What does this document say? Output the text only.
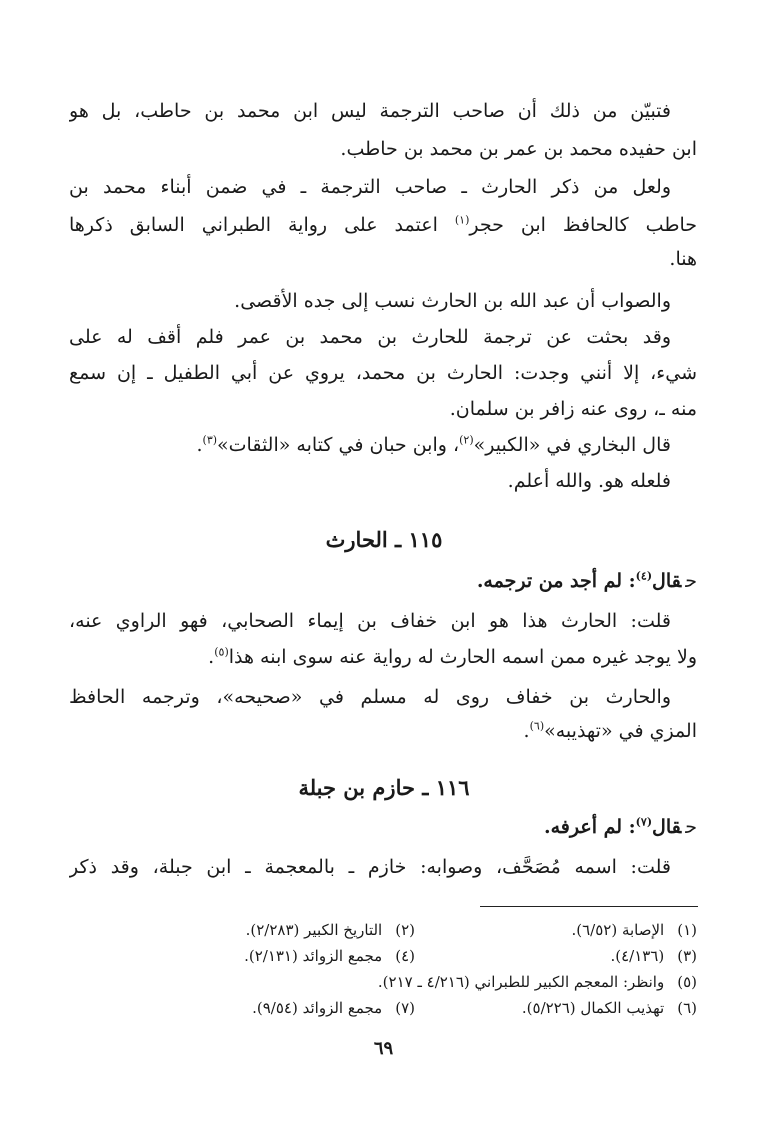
فتبيّن من ذلك أن صاحب الترجمة ليس ابن محمد بن حاطب، بل هو

ابن حفيده محمد بن عمر بن محمد بن حاطب.

ولعل من ذكر الحارث ـ صاحب الترجمة ـ في ضمن أبناء محمد بن

حاطب كالحافظ ابن حجر$^{(١)}$ اعتمد على رواية الطبراني السابق ذكرها

هنا.

والصواب أن عبد الله بن الحارث نسب إلى جده الأقصى.

وقد بحثت عن ترجمة للحارث بن محمد بن عمر فلم أقف له على

شيء، إلا أنني وجدت: الحارث بن محمد، يروي عن أبي الطفيل ـ إن سمع

منه ـ، روى عنه زافر بن سلمان.

قال البخاري في «الكبير»$^{(٢)}$، وابن حبان في كتابه «الثقات»$^{(٣)}$.

فلعله هو. والله أعلم.

١١٥ ـ الحارث

حقال$^{(٤)}$: لم أجد من ترجمه.

قلت: الحارث هذا هو ابن خفاف بن إيماء الصحابي، فهو الراوي عنه،

ولا يوجد غيره ممن اسمه الحارث له رواية عنه سوى ابنه هذا$^{(٥)}$.

والحارث بن خفاف روى له مسلم في «صحيحه»، وترجمه الحافظ

المزي في «تهذيبه»$^{(٦)}$.

١١٦ ـ حازم بن جبلة

حقال$^{(٧)}$: لم أعرفه.

قلت: اسمه مُصَحَّف، وصوابه: خازم ـ بالمعجمة ـ ابن جبلة، وقد ذكر

(١) الإصابة (٦/٥٢).

(٢) التاريخ الكبير (٢/٢٨٣).

(٣) (٤/١٣٦).

(٤) مجمع الزوائد (٢/١٣١).

(٥) وانظر: المعجم الكبير للطبراني (٤/٢١٦ ـ ٢١٧).

(٦) تهذيب الكمال (٥/٢٢٦).

(٧) مجمع الزوائد (٩/٥٤).

٦٩
